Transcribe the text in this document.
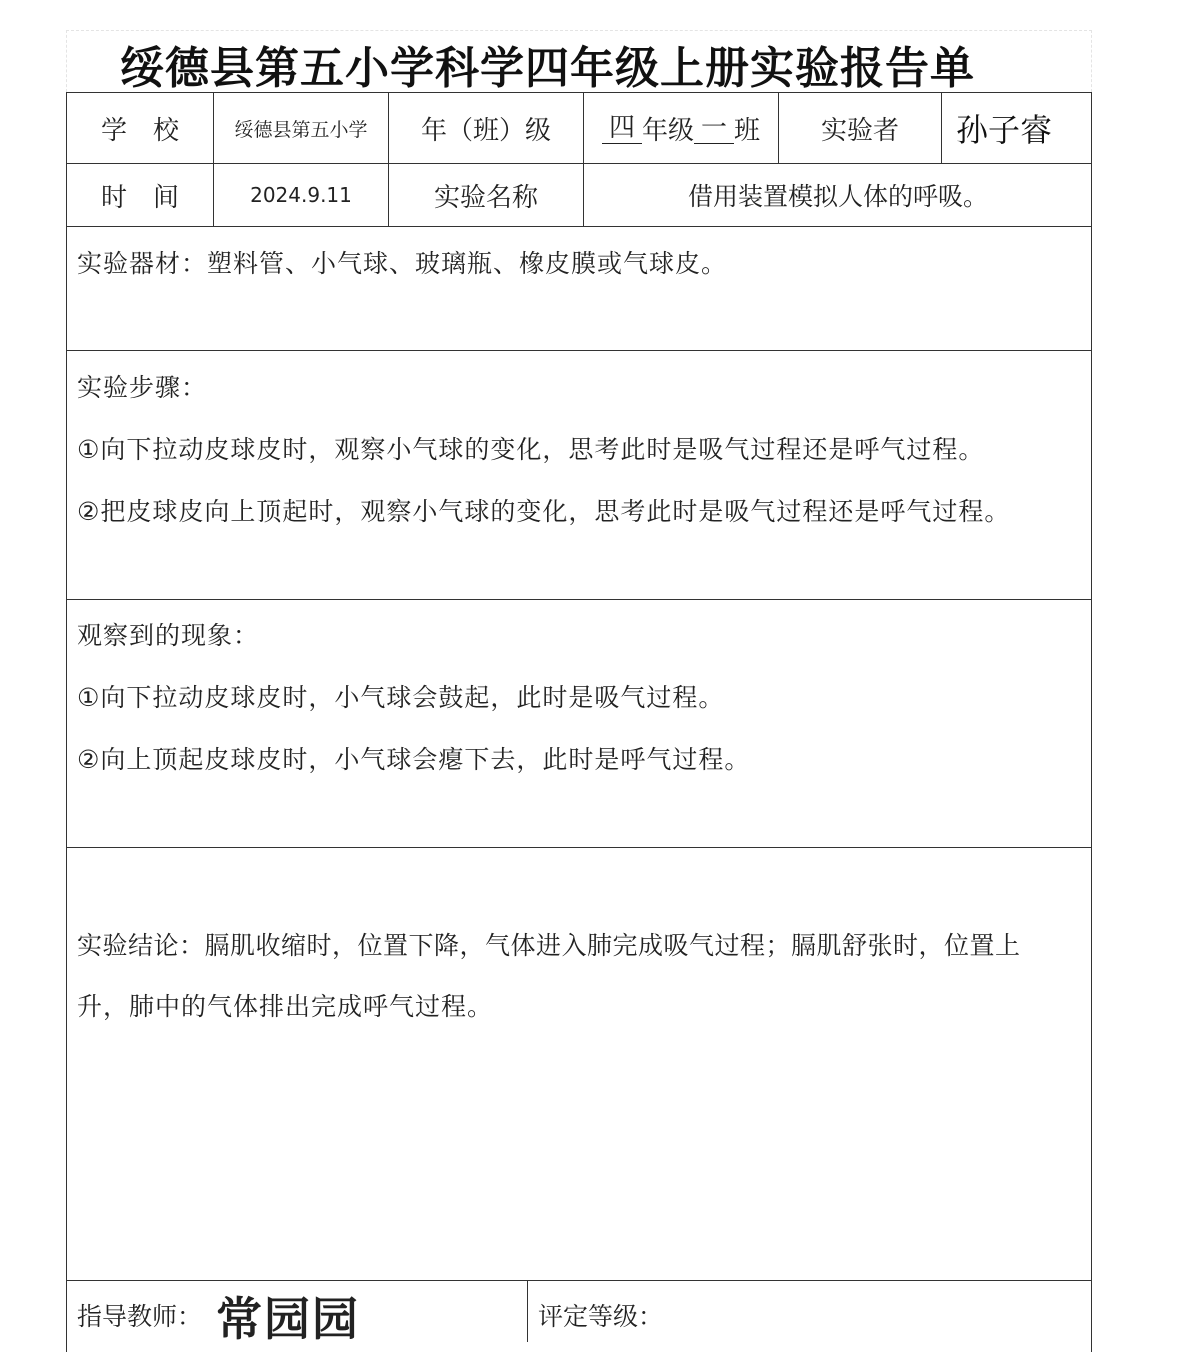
绥德县第五小学科学四年级上册实验报告单
学　校	绥德县第五小学	年（班）级	四 年级 一 班	实验者	孙子睿
时　间	2024.9.11	实验名称	借用装置模拟人体的呼吸。
实验器材：塑料管、小气球、玻璃瓶、橡皮膜或气球皮。
实验步骤：
①向下拉动皮球皮时，观察小气球的变化，思考此时是吸气过程还是呼气过程。
②把皮球皮向上顶起时，观察小气球的变化，思考此时是吸气过程还是呼气过程。
观察到的现象：
①向下拉动皮球皮时，小气球会鼓起，此时是吸气过程。
②向上顶起皮球皮时，小气球会瘪下去，此时是呼气过程。
实验结论：膈肌收缩时，位置下降，气体进入肺完成吸气过程；膈肌舒张时，位置上
升，肺中的气体排出完成呼气过程。
指导教师： 常园园	评定等级：
